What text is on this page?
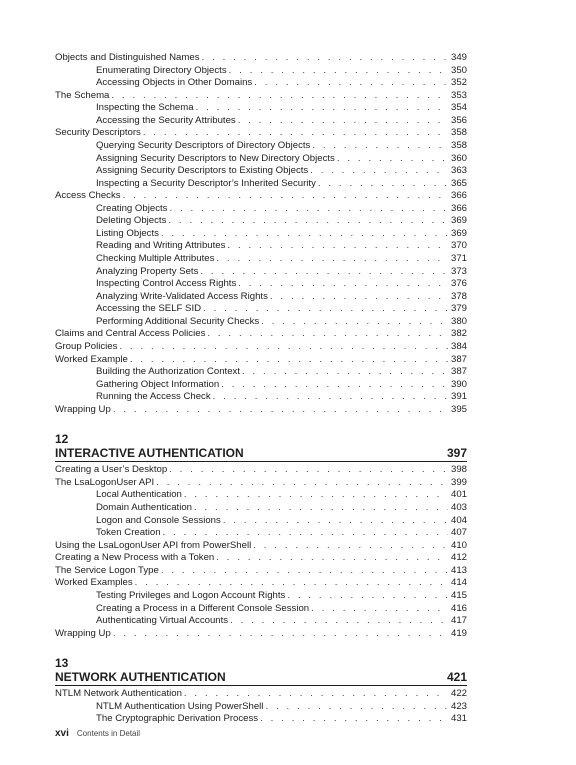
Objects and Distinguished Names . . .	349
Enumerating Directory Objects . . .	350
Accessing Objects in Other Domains . . .	352
The Schema . . .	353
Inspecting the Schema . . .	354
Accessing the Security Attributes . . .	356
Security Descriptors . . .	358
Querying Security Descriptors of Directory Objects . . .	358
Assigning Security Descriptors to New Directory Objects . . .	360
Assigning Security Descriptors to Existing Objects . . .	363
Inspecting a Security Descriptor’s Inherited Security . . .	365
Access Checks . . .	366
Creating Objects . . .	366
Deleting Objects . . .	369
Listing Objects . . .	369
Reading and Writing Attributes . . .	370
Checking Multiple Attributes . . .	371
Analyzing Property Sets . . .	373
Inspecting Control Access Rights . . .	376
Analyzing Write-Validated Access Rights . . .	378
Accessing the SELF SID . . .	379
Performing Additional Security Checks . . .	380
Claims and Central Access Policies . . .	382
Group Policies . . .	384
Worked Example . . .	387
Building the Authorization Context . . .	387
Gathering Object Information . . .	390
Running the Access Check . . .	391
Wrapping Up . . .	395
12
INTERACTIVE AUTHENTICATION	397
Creating a User’s Desktop . . .	398
The LsaLogonUser API . . .	399
Local Authentication . . .	401
Domain Authentication . . .	403
Logon and Console Sessions . . .	404
Token Creation . . .	407
Using the LsaLogonUser API from PowerShell . . .	410
Creating a New Process with a Token . . .	412
The Service Logon Type . . .	413
Worked Examples . . .	414
Testing Privileges and Logon Account Rights . . .	415
Creating a Process in a Different Console Session . . .	416
Authenticating Virtual Accounts . . .	417
Wrapping Up . . .	419
13
NETWORK AUTHENTICATION	421
NTLM Network Authentication . . .	422
NTLM Authentication Using PowerShell . . .	423
The Cryptographic Derivation Process . . .	431
xvi Contents in Detail
